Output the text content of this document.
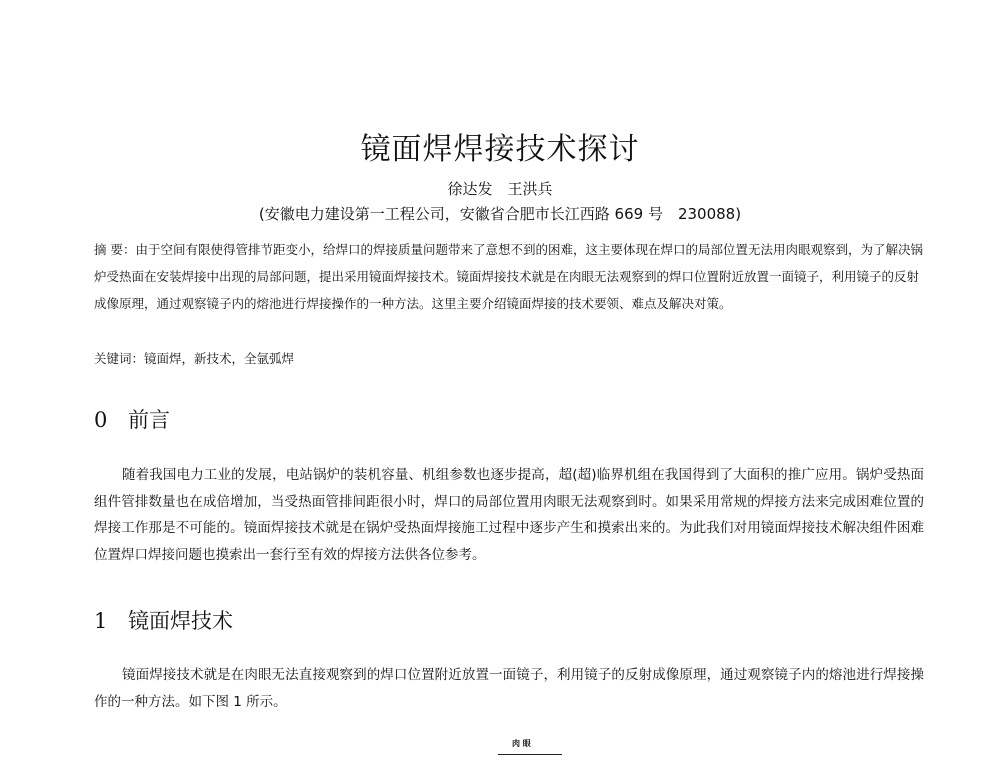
镜面焊焊接技术探讨
徐达发　王洪兵
(安徽电力建设第一工程公司，安徽省合肥市长江西路 669 号　230088)
摘 要：由于空间有限使得管排节距变小，给焊口的焊接质量问题带来了意想不到的困难，这主要体现在焊口的局部位置无法用肉眼观察到，为了解决锅炉受热面在安装焊接中出现的局部问题，提出采用镜面焊接技术。镜面焊接技术就是在肉眼无法观察到的焊口位置附近放置一面镜子，利用镜子的反射成像原理，通过观察镜子内的熔池进行焊接操作的一种方法。这里主要介绍镜面焊接的技术要领、难点及解决对策。
关键词：镜面焊，新技术，全氩弧焊
0 前言
随着我国电力工业的发展，电站锅炉的装机容量、机组参数也逐步提高，超(超)临界机组在我国得到了大面积的推广应用。锅炉受热面组件管排数量也在成倍增加，当受热面管排间距很小时，焊口的局部位置用肉眼无法观察到时。如果采用常规的焊接方法来完成困难位置的焊接工作那是不可能的。镜面焊接技术就是在锅炉受热面焊接施工过程中逐步产生和摸索出来的。为此我们对用镜面焊接技术解决组件困难位置焊口焊接问题也摸索出一套行至有效的焊接方法供各位参考。
1 镜面焊技术
镜面焊接技术就是在肉眼无法直接观察到的焊口位置附近放置一面镜子，利用镜子的反射成像原理，通过观察镜子内的熔池进行焊接操作的一种方法。如下图 1 所示。
肉 眼
